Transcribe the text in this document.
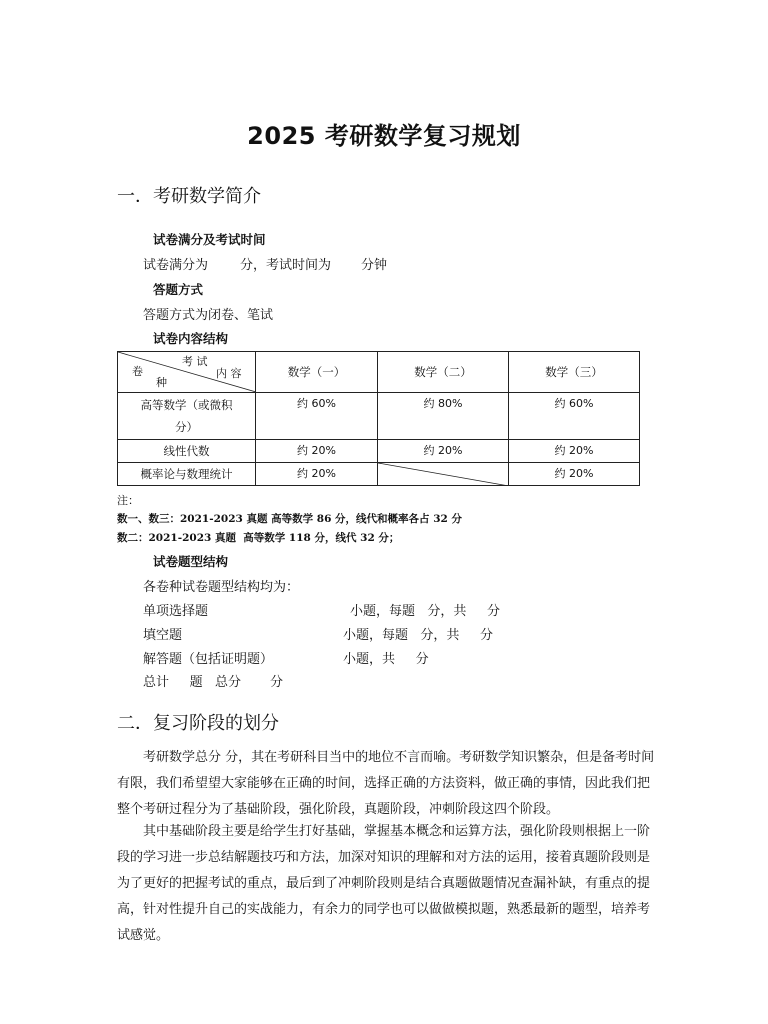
2025 考研数学复习规划
一．考研数学简介
试卷满分及考试时间
试卷满分为 分，考试时间为 分钟
答题方式
答题方式为闭卷、笔试
试卷内容结构
考 试
内 容
卷
种	数学（一）	数学（二）	数学（三）

高等数学（或微积
分）	约 60%	约 80%	约 60%
线性代数	约 20%	约 20%	约 20%
概率论与数理统计	约 20%		约 20%
注：
数一、数三：2021-2023 真题 高等数学 86 分，线代和概率各占 32 分
数二：2021-2023 真题  高等数学 118 分，线代 32 分；
试卷题型结构
各卷种试卷题型结构均为：
单项选择题	小题，每题   分，共     分
填空题	小题，每题   分，共     分
解答题（包括证明题）	小题，共     分
总计     题   总分       分
二．复习阶段的划分
考研数学总分 分，其在考研科目当中的地位不言而喻。考研数学知识繁杂，但是备考时间有限，我们希望望大家能够在正确的时间，选择正确的方法资料，做正确的事情，因此我们把整个考研过程分为了基础阶段，强化阶段，真题阶段，冲刺阶段这四个阶段。
其中基础阶段主要是给学生打好基础，掌握基本概念和运算方法，强化阶段则根据上一阶段的学习进一步总结解题技巧和方法，加深对知识的理解和对方法的运用，接着真题阶段则是为了更好的把握考试的重点，最后到了冲刺阶段则是结合真题做题情况查漏补缺，有重点的提高，针对性提升自己的实战能力，有余力的同学也可以做做模拟题，熟悉最新的题型，培养考试感觉。
